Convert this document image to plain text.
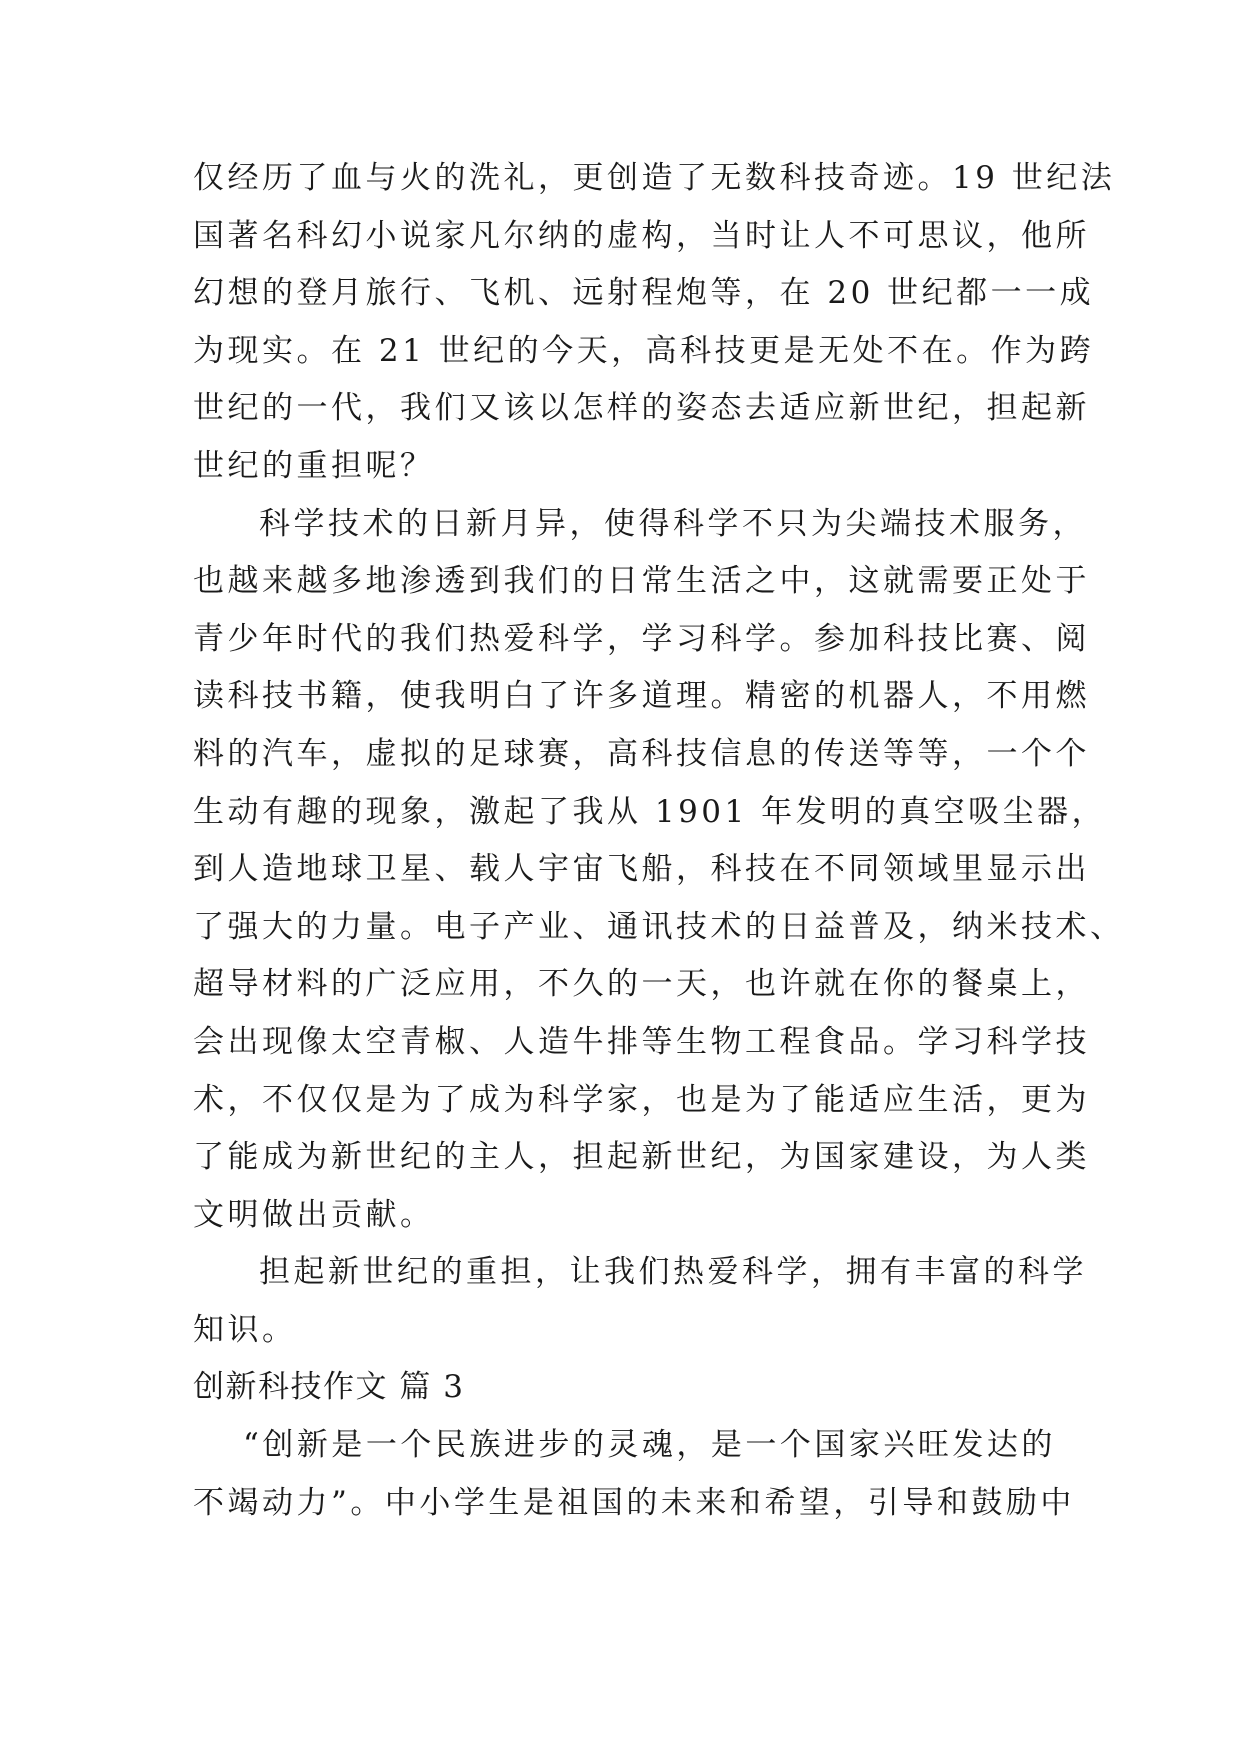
仅经历了血与火的洗礼，更创造了无数科技奇迹。19 世纪法
国著名科幻小说家凡尔纳的虚构，当时让人不可思议，他所
幻想的登月旅行、飞机、远射程炮等，在 20 世纪都一一成
为现实。在 21 世纪的今天，高科技更是无处不在。作为跨
世纪的一代，我们又该以怎样的姿态去适应新世纪，担起新
世纪的重担呢？
科学技术的日新月异，使得科学不只为尖端技术服务，
也越来越多地渗透到我们的日常生活之中，这就需要正处于
青少年时代的我们热爱科学，学习科学。参加科技比赛、阅
读科技书籍，使我明白了许多道理。精密的机器人，不用燃
料的汽车，虚拟的足球赛，高科技信息的传送等等，一个个
生动有趣的现象，激起了我从 1901 年发明的真空吸尘器，
到人造地球卫星、载人宇宙飞船，科技在不同领域里显示出
了强大的力量。电子产业、通讯技术的日益普及，纳米技术、
超导材料的广泛应用，不久的一天，也许就在你的餐桌上，
会出现像太空青椒、人造牛排等生物工程食品。学习科学技
术，不仅仅是为了成为科学家，也是为了能适应生活，更为
了能成为新世纪的主人，担起新世纪，为国家建设，为人类
文明做出贡献。
担起新世纪的重担，让我们热爱科学，拥有丰富的科学
知识。
创新科技作文 篇 3
“创新是一个民族进步的灵魂，是一个国家兴旺发达的
不竭动力”。中小学生是祖国的未来和希望，引导和鼓励中
